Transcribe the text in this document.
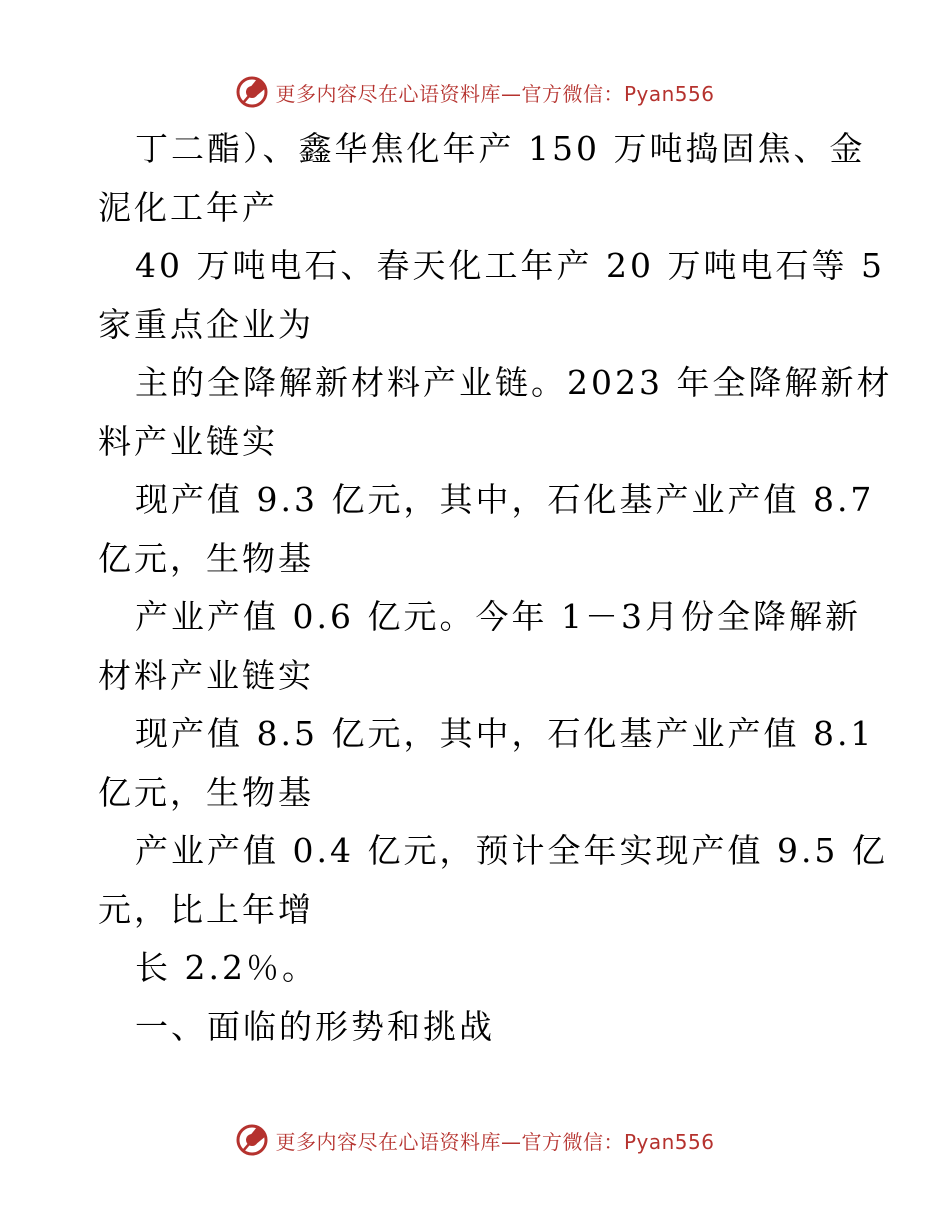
更多内容尽在心语资料库—官方微信：Pyan556
丁二酯）、鑫华焦化年产 150 万吨捣固焦、金
泥化工年产
40 万吨电石、春天化工年产 20 万吨电石等 5
家重点企业为
主的全降解新材料产业链。2023 年全降解新材
料产业链实
现产值 9.3 亿元，其中，石化基产业产值 8.7
亿元，生物基
产业产值 0.6 亿元。今年 1－3月份全降解新
材料产业链实
现产值 8.5 亿元，其中，石化基产业产值 8.1
亿元，生物基
产业产值 0.4 亿元，预计全年实现产值 9.5 亿
元，比上年增
长 2.2％。
一、面临的形势和挑战
更多内容尽在心语资料库—官方微信：Pyan556
